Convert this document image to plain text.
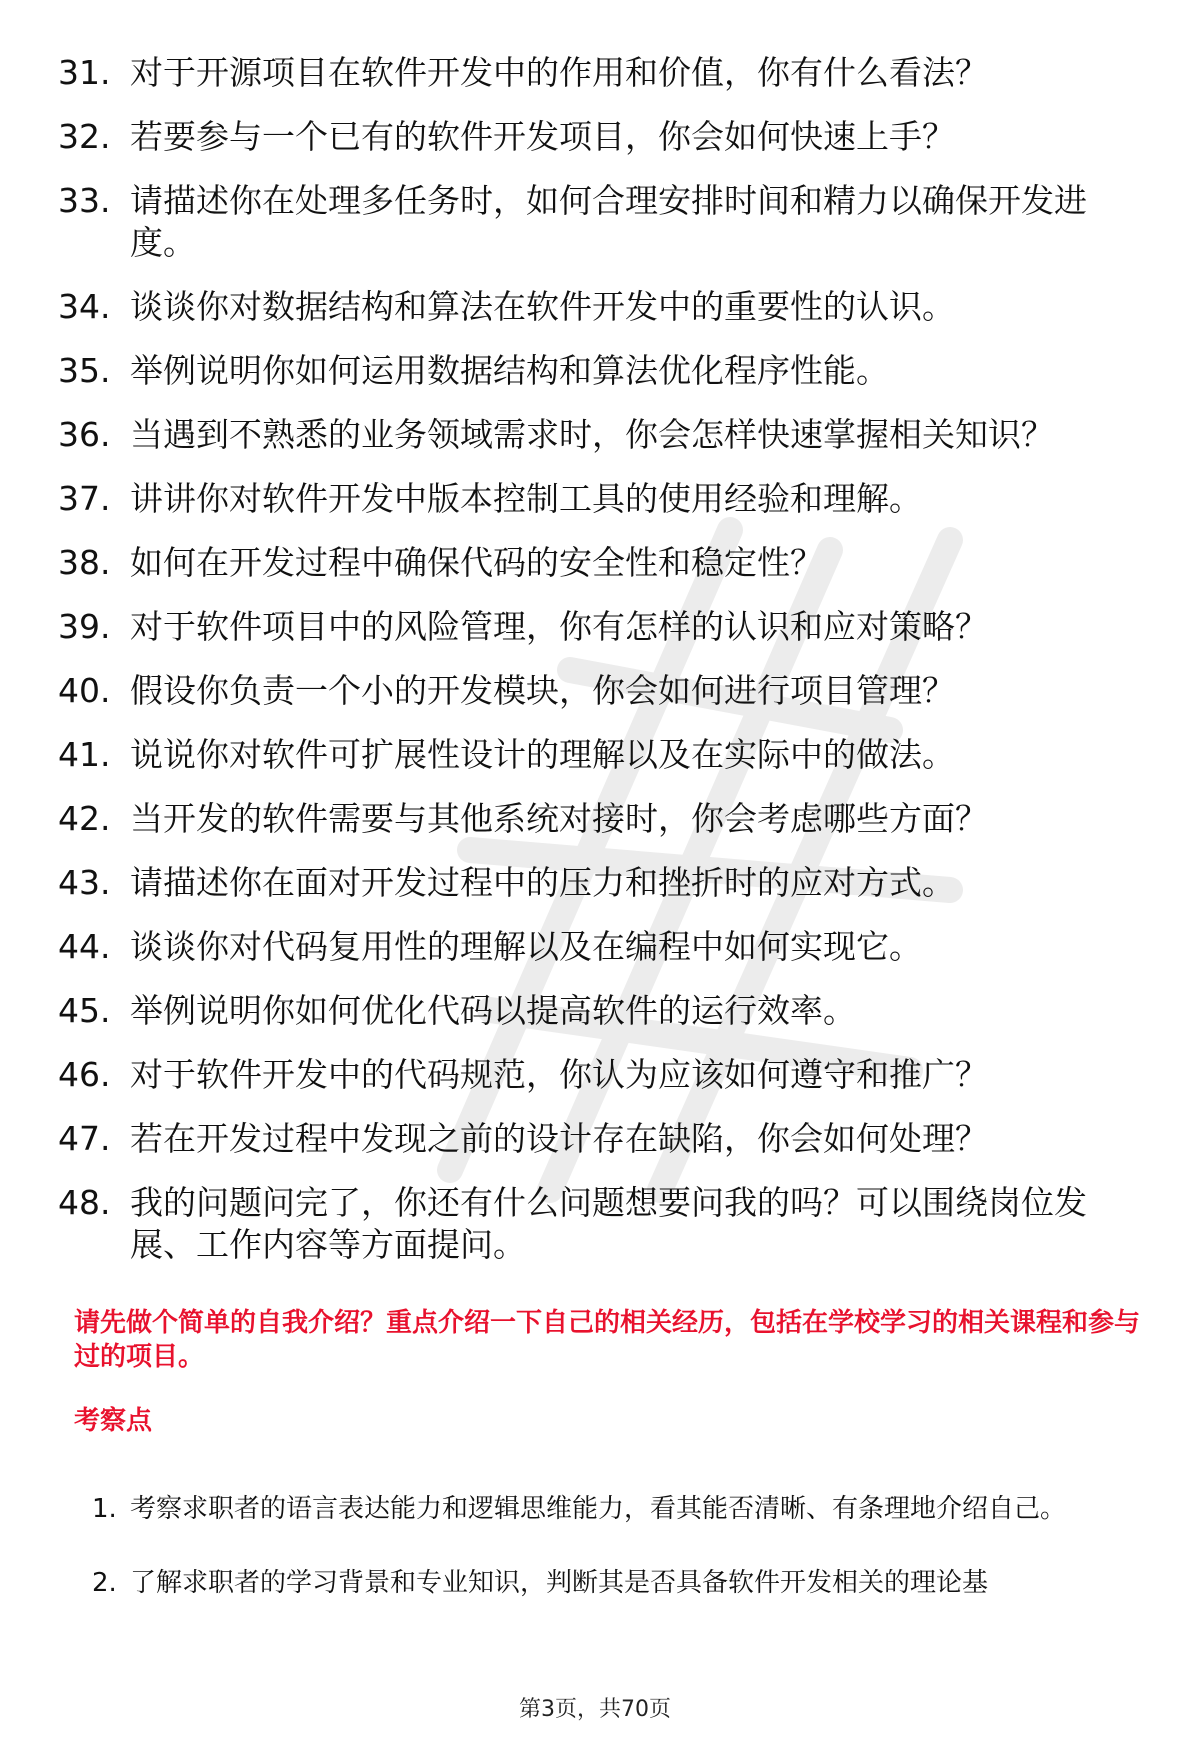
31. 对于开源项目在软件开发中的作用和价值，你有什么看法？
32. 若要参与一个已有的软件开发项目，你会如何快速上手？
33. 请描述你在处理多任务时，如何合理安排时间和精力以确保开发进度。
34. 谈谈你对数据结构和算法在软件开发中的重要性的认识。
35. 举例说明你如何运用数据结构和算法优化程序性能。
36. 当遇到不熟悉的业务领域需求时，你会怎样快速掌握相关知识？
37. 讲讲你对软件开发中版本控制工具的使用经验和理解。
38. 如何在开发过程中确保代码的安全性和稳定性？
39. 对于软件项目中的风险管理，你有怎样的认识和应对策略？
40. 假设你负责一个小的开发模块，你会如何进行项目管理？
41. 说说你对软件可扩展性设计的理解以及在实际中的做法。
42. 当开发的软件需要与其他系统对接时，你会考虑哪些方面？
43. 请描述你在面对开发过程中的压力和挫折时的应对方式。
44. 谈谈你对代码复用性的理解以及在编程中如何实现它。
45. 举例说明你如何优化代码以提高软件的运行效率。
46. 对于软件开发中的代码规范，你认为应该如何遵守和推广？
47. 若在开发过程中发现之前的设计存在缺陷，你会如何处理？
48. 我的问题问完了，你还有什么问题想要问我的吗？可以围绕岗位发展、工作内容等方面提问。

请先做个简单的自我介绍？重点介绍一下自己的相关经历，包括在学校学习的相关课程和参与过的项目。

考察点

1. 考察求职者的语言表达能力和逻辑思维能力，看其能否清晰、有条理地介绍自己。
2. 了解求职者的学习背景和专业知识，判断其是否具备软件开发相关的理论基
第3页，共70页
